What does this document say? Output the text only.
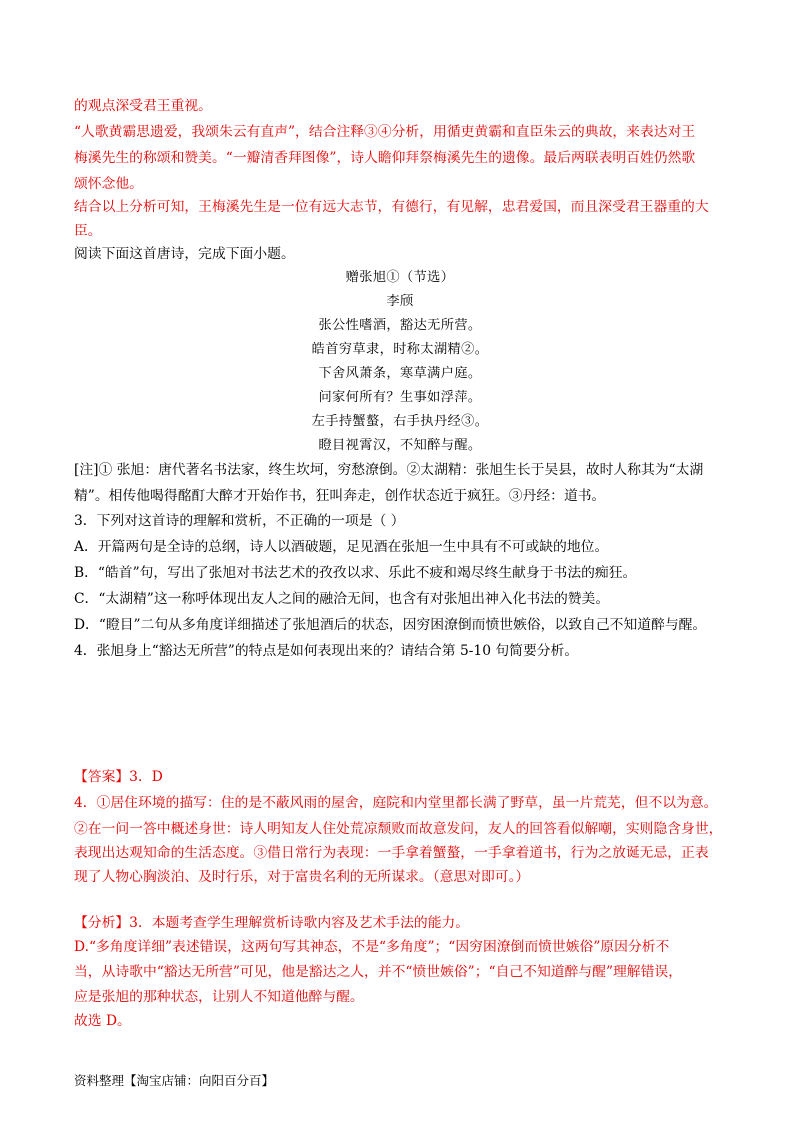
的观点深受君王重视。
“人歌黄霸思遗爱，我颂朱云有直声”，结合注释③④分析，用循吏黄霸和直臣朱云的典故，来表达对王
梅溪先生的称颂和赞美。“一瓣清香拜图像”，诗人瞻仰拜祭梅溪先生的遗像。最后两联表明百姓仍然歌
颂怀念他。
结合以上分析可知，王梅溪先生是一位有远大志节，有德行，有见解，忠君爱国，而且深受君王器重的大
臣。
阅读下面这首唐诗，完成下面小题。
赠张旭①（节选）
李颀
张公性嗜酒，豁达无所营。
皓首穷草隶，时称太湖精②。
下舍风萧条，寒草满户庭。
问家何所有？生事如浮萍。
左手持蟹螯，右手执丹经③。
瞪目视霄汉，不知醉与醒。
[注]① 张旭：唐代著名书法家，终生坎坷，穷愁潦倒。②太湖精：张旭生长于吴县，故时人称其为“太湖
精”。相传他喝得酩酊大醉才开始作书，狂叫奔走，创作状态近于疯狂。③丹经：道书。
3．下列对这首诗的理解和赏析，不正确的一项是（ ）
A．开篇两句是全诗的总纲，诗人以酒破题，足见酒在张旭一生中具有不可或缺的地位。
B．“皓首”句，写出了张旭对书法艺术的孜孜以求、乐此不疲和竭尽终生献身于书法的痴狂。
C．“太湖精”这一称呼体现出友人之间的融洽无间，也含有对张旭出神入化书法的赞美。
D．“瞪目”二句从多角度详细描述了张旭酒后的状态，因穷困潦倒而愤世嫉俗，以致自己不知道醉与醒。
4．张旭身上“豁达无所营”的特点是如何表现出来的？请结合第 5-10 句简要分析。
【答案】3．D
4．①居住环境的描写：住的是不蔽风雨的屋舍，庭院和内堂里都长满了野草，虽一片荒芜，但不以为意。
②在一问一答中概述身世：诗人明知友人住处荒凉颓败而故意发问，友人的回答看似解嘲，实则隐含身世，
表现出达观知命的生活态度。③借日常行为表现：一手拿着蟹螯，一手拿着道书，行为之放诞无忌，正表
现了人物心胸淡泊、及时行乐，对于富贵名利的无所谋求。（意思对即可。）
【分析】3．本题考查学生理解赏析诗歌内容及艺术手法的能力。
D.“多角度详细”表述错误，这两句写其神态，不是“多角度”；“因穷困潦倒而愤世嫉俗”原因分析不
当，从诗歌中“豁达无所营”可见，他是豁达之人，并不“愤世嫉俗”；“自己不知道醉与醒”理解错误，
应是张旭的那种状态，让别人不知道他醉与醒。
故选 D。
资料整理【淘宝店铺：向阳百分百】
